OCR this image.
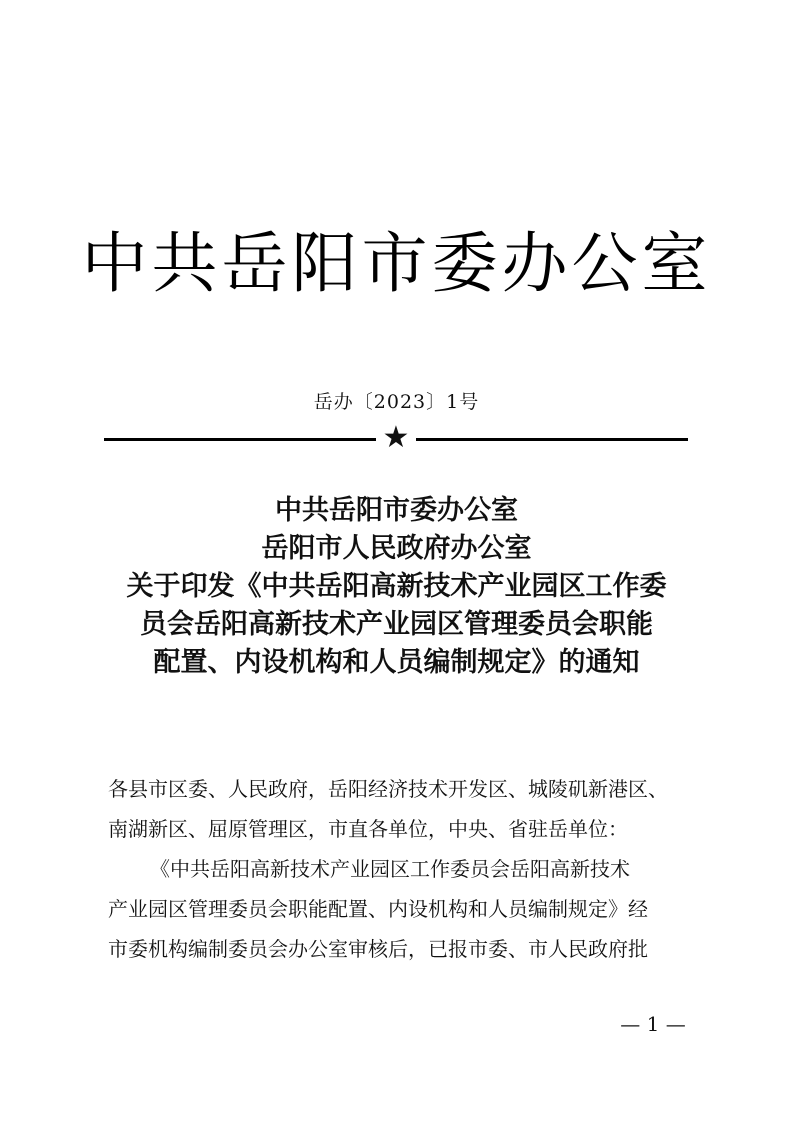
中共岳阳市委办公室
岳办〔2023〕1号
★
中共岳阳市委办公室
岳阳市人民政府办公室
关于印发《中共岳阳高新技术产业园区工作委
员会岳阳高新技术产业园区管理委员会职能
配置、内设机构和人员编制规定》的通知
各县市区委、人民政府，岳阳经济技术开发区、城陵矶新港区、
南湖新区、屈原管理区，市直各单位，中央、省驻岳单位：
《中共岳阳高新技术产业园区工作委员会岳阳高新技术
产业园区管理委员会职能配置、内设机构和人员编制规定》经
市委机构编制委员会办公室审核后，已报市委、市人民政府批
— 1 —
